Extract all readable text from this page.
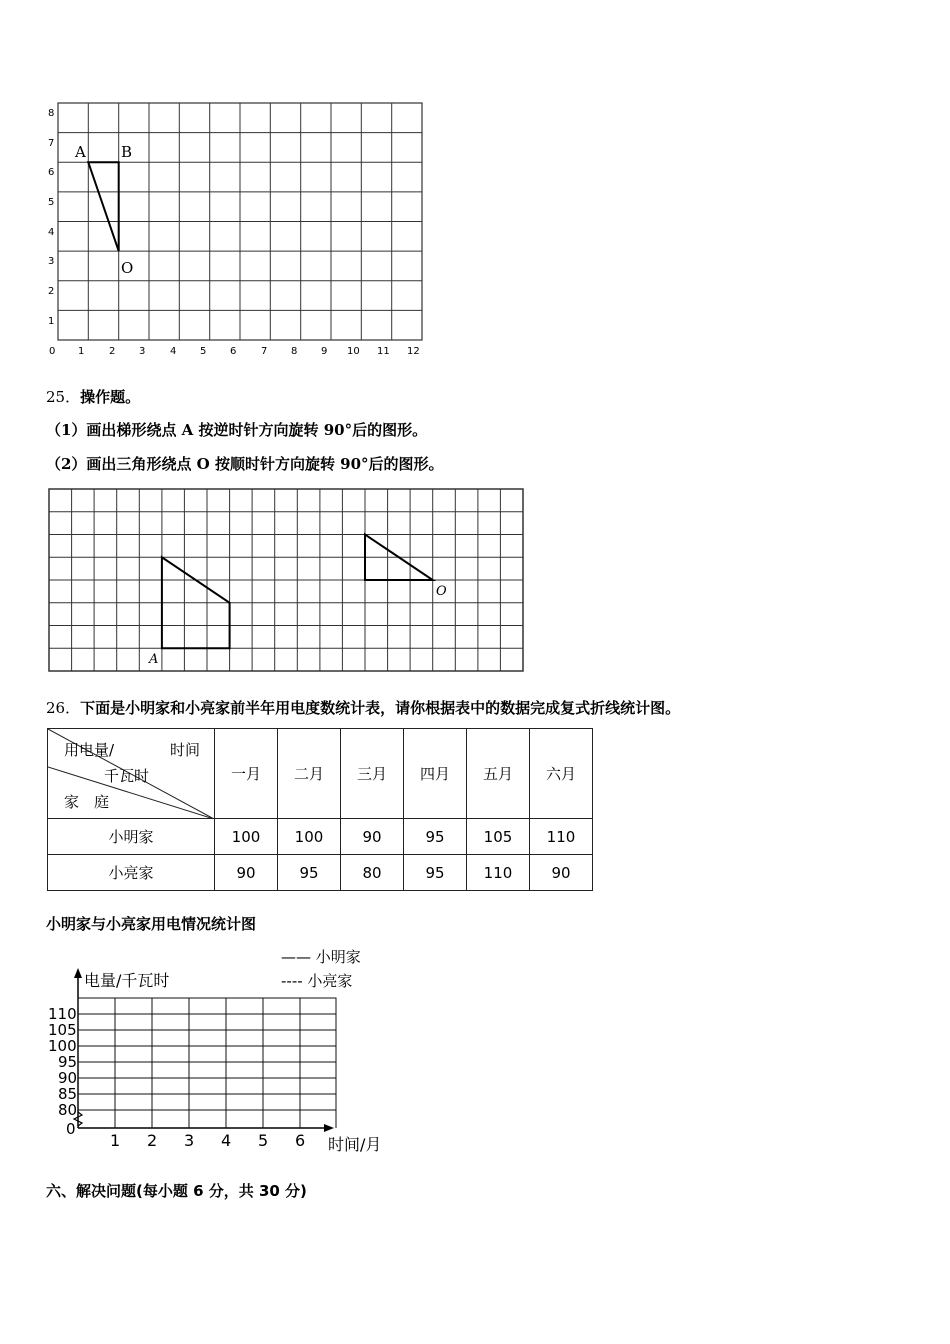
A B
O
8
7
6
5
4
3
2
1
0 1 2 3 4 5 6 7 8 9 10 11 12
25．操作题。
（1）画出梯形绕点 A 按逆时针方向旋转 90°后的图形。
（2）画出三角形绕点 O 按顺时针方向旋转 90°后的图形。
A
O
26．下面是小明家和小亮家前半年用电度数统计表，请你根据表中的数据完成复式折线统计图。
用电量/ 时间
千瓦时
家　庭	一月	二月	三月	四月	五月	六月
小明家	100	100	90	95	105	110
小亮家	90	95	80	95	110	90
小明家与小亮家用电情况统计图
—— 小明家
---- 小亮家
电量/千瓦时
时间/月
110
105
100
95
90
85
80
0
1 2 3 4 5 6
六、解决问题(每小题 6 分，共 30 分)
